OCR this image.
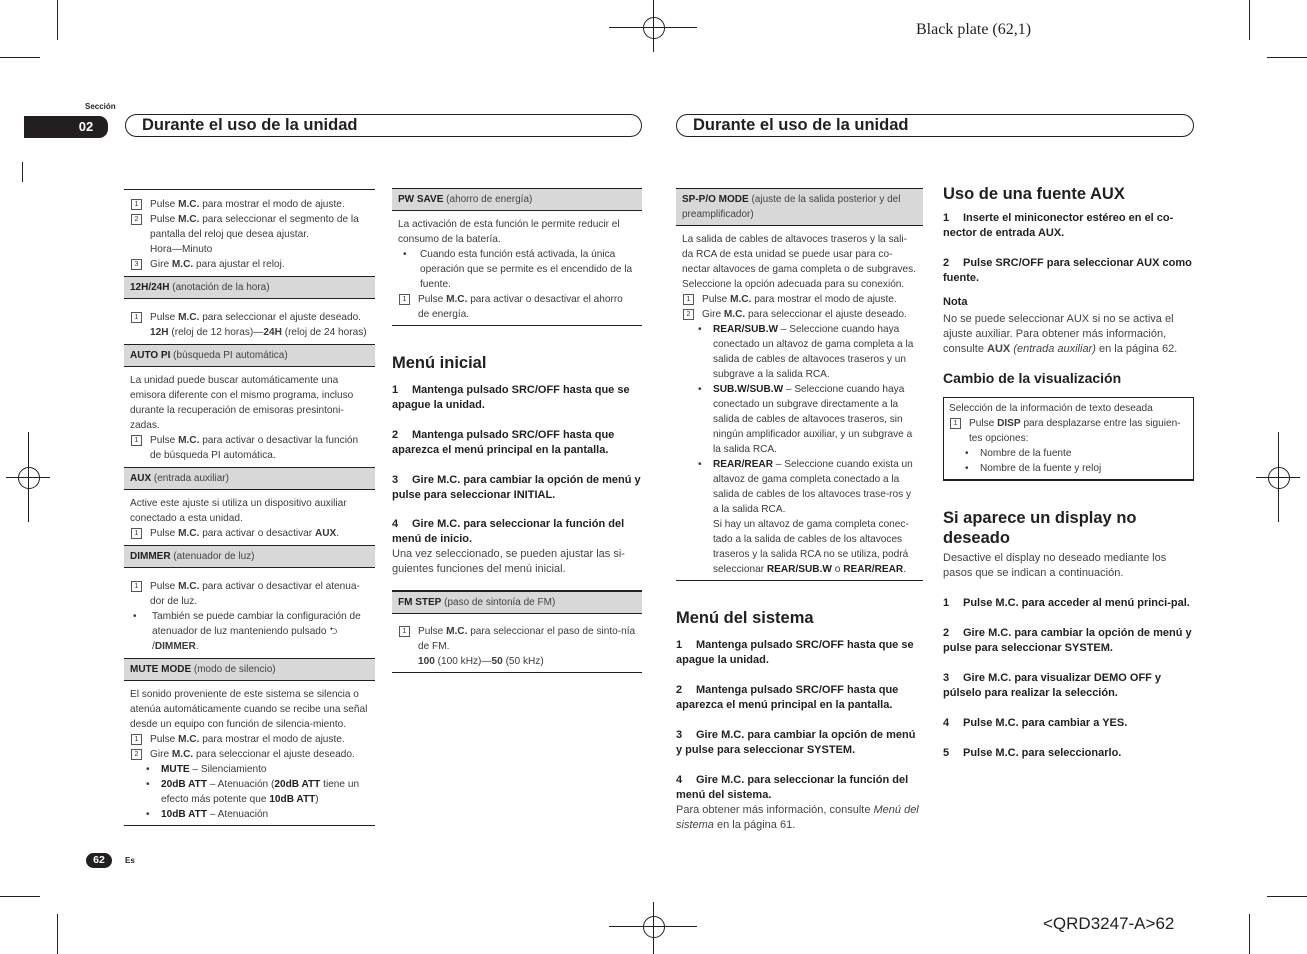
Black plate (62,1)
<QRD3247-A>62
Sección
02	Durante el uso de la unidad	Durante el uso de la unidad
62	Es
1	Pulse M.C. para mostrar el modo de ajuste.
2	Pulse M.C. para seleccionar el segmento de la pantalla del reloj que desea ajustar.
Hora—Minuto
3	Gire M.C. para ajustar el reloj.
12H/24H (anotación de la hora)
1	Pulse M.C. para seleccionar el ajuste deseado.
12H (reloj de 12 horas)—24H (reloj de 24 horas)
AUTO PI (búsqueda PI automática)
La unidad puede buscar automáticamente una emisora diferente con el mismo programa, incluso durante la recuperación de emisoras presintoni-zadas.
1	Pulse M.C. para activar o desactivar la función de búsqueda PI automática.
AUX (entrada auxiliar)
Active este ajuste si utiliza un dispositivo auxiliar conectado a esta unidad.
1	Pulse M.C. para activar o desactivar AUX.
DIMMER (atenuador de luz)
1	Pulse M.C. para activar o desactivar el atenua-dor de luz.
•	También se puede cambiar la configuración de atenuador de luz manteniendo pulsado ⮌
/DIMMER.
MUTE MODE (modo de silencio)
El sonido proveniente de este sistema se silencia o atenúa automáticamente cuando se recibe una señal desde un equipo con función de silencia-miento.
1	Pulse M.C. para mostrar el modo de ajuste.
2	Gire M.C. para seleccionar el ajuste deseado.
•	MUTE – Silenciamiento
•	20dB ATT – Atenuación (20dB ATT tiene un efecto más potente que 10dB ATT)
•	10dB ATT – Atenuación
PW SAVE (ahorro de energía)
La activación de esta función le permite reducir el consumo de la batería.
•	Cuando esta función está activada, la única operación que se permite es el encendido de la fuente.
1	Pulse M.C. para activar o desactivar el ahorro de energía.
Menú inicial
1 Mantenga pulsado SRC/OFF hasta que se apague la unidad.
2 Mantenga pulsado SRC/OFF hasta que aparezca el menú principal en la pantalla.
3 Gire M.C. para cambiar la opción de menú y pulse para seleccionar INITIAL.
4 Gire M.C. para seleccionar la función del menú de inicio.
Una vez seleccionado, se pueden ajustar las si-guientes funciones del menú inicial.
FM STEP (paso de sintonía de FM)
1	Pulse M.C. para seleccionar el paso de sinto-nía de FM.
100 (100 kHz)—50 (50 kHz)
SP-P/O MODE (ajuste de la salida posterior y del preamplificador)
La salida de cables de altavoces traseros y la sali-da RCA de esta unidad se puede usar para co-nectar altavoces de gama completa o de subgraves. Seleccione la opción adecuada para su conexión.
1	Pulse M.C. para mostrar el modo de ajuste.
2	Gire M.C. para seleccionar el ajuste deseado.
•	REAR/SUB.W – Seleccione cuando haya conectado un altavoz de gama completa a la salida de cables de altavoces traseros y un subgrave a la salida RCA.
•	SUB.W/SUB.W – Seleccione cuando haya conectado un subgrave directamente a la salida de cables de altavoces traseros, sin ningún amplificador auxiliar, y un subgrave a la salida RCA.
•	REAR/REAR – Seleccione cuando exista un altavoz de gama completa conectado a la salida de cables de los altavoces trase-ros y a la salida RCA.
Si hay un altavoz de gama completa conec-tado a la salida de cables de los altavoces traseros y la salida RCA no se utiliza, podrá seleccionar REAR/SUB.W o REAR/REAR.
Menú del sistema
1 Mantenga pulsado SRC/OFF hasta que se apague la unidad.
2 Mantenga pulsado SRC/OFF hasta que aparezca el menú principal en la pantalla.
3 Gire M.C. para cambiar la opción de menú y pulse para seleccionar SYSTEM.
4 Gire M.C. para seleccionar la función del menú del sistema.
Para obtener más información, consulte Menú del sistema en la página 61.
Uso de una fuente AUX
1 Inserte el miniconector estéreo en el co-nector de entrada AUX.
2 Pulse SRC/OFF para seleccionar AUX como fuente.
Nota
No se puede seleccionar AUX si no se activa el ajuste auxiliar. Para obtener más información, consulte AUX (entrada auxiliar) en la página 62.
Cambio de la visualización
Selección de la información de texto deseada
1	Pulse DISP para desplazarse entre las siguien-tes opciones:
•	Nombre de la fuente
•	Nombre de la fuente y reloj
Si aparece un display no deseado
Desactive el display no deseado mediante los pasos que se indican a continuación.
1 Pulse M.C. para acceder al menú princi-pal.
2 Gire M.C. para cambiar la opción de menú y pulse para seleccionar SYSTEM.
3 Gire M.C. para visualizar DEMO OFF y púlselo para realizar la selección.
4 Pulse M.C. para cambiar a YES.
5 Pulse M.C. para seleccionarlo.
